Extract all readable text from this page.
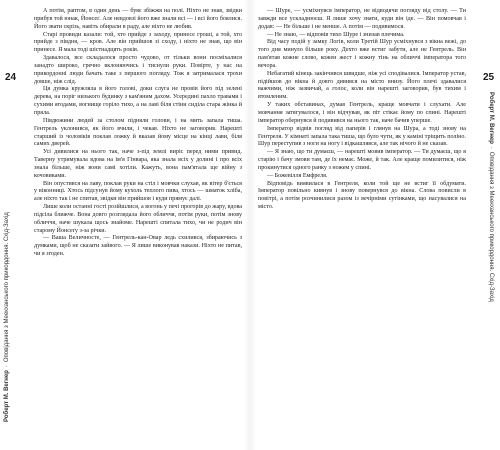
24
Роберт М. Вегнер·Оповідання з Меекханського прикордоння. Схід-Захід

А потім, раптом, в один день — буяє збіжжя на полі. Ніхто не знав, звідки прибув той юнак, Йонсеґ. Але невдовзі його вже знали всі — і всі його боялися. Його звати скрізь, навіть обирали в раду, але ніхто не любив.

Старі провиди казали: той, хто прийде з заходу, принесе гроші, а той, хто прийде з півдня, — кров. Але він прийшов зі сходу, і ніхто не знав, що він принесе. Я мала тоді шістнадцять років.

Здавалося, все складалося просто чудово, от тільки вони посміхалися занадто широко, гречно вклоняючись і тиснули руки. Повірте, у нас на прикордонні люди бачать таке з першого погляду. Тож я затрималася трохи довше, ніж слід.

Ця думка кружляла в його голові, доки слуга не провів його під зелені дерева, на поріг низького будинку з кам'яним дахом. Усередині пахло травами і сухими ягодами, вогнище горіло тихо, а на лаві біля стіни сиділа стара жінка й пряла.

Півдюжини людей за столом підняли голови, і на мить запала тиша. Гентрель уклонився, як його вчили, і чекав. Ніхто не заговорив. Нарешті старший із чоловіків поклав ложку й вказав йому місце на кінці лави, біля самих дверей.

Усі дивилися на нього так, наче з-під землі виріс перед ними привид. Таверну утримувала вдова на ім'я Гінвара, яка знала всіх у долині і про всіх знала більше, ніж вони самі хотіли. Кажуть, вона пам'ятала ще війну з кочовиками.

Він опустився на лаву, поклав руки на стіл і мовчки слухав, як вітер б'ється у віконниці. Хтось підсунув йому кухоль теплого пива, хтось — шматок хліба, але ніхто так і не спитав, звідки він прийшов і куди прямує далі.

Лише коли останні гості розійшлися, а вогонь у печі прогорів до жару, вдова підсіла ближче. Вона довго розглядала його обличчя, потім руки, потім знову обличчя, наче шукала щось знайоме. Нарешті спитала тихо, чи не родич він старому Йонсеґу з-за річки.

— Ваша Величносте, — Гентрель-кан-Овар ледь схилився, збираючись з думками, щоб не сказати зайвого. — Я лише виконував накази. Ніхто не питав, чи я згоден.

25
Роберт М. Вегнер·Оповідання з Меекханського прикордоння. Схід-Захід

— Шуре, — усміхнувся імператор, не відводячи погляду від столу. — Ти завжди все ускладнюєш. Я лише хочу знати, куди він іде. — Він помовчав і додав: — Не більше і не менше. А потім — подивимося.

— Не знаю, — відповів тихо Шуре і знизав плечима.

Від часу подій у замку Логів, коли Третій Шур усміхнувся з вікна вежі, до того дня минуло більше року. Дехто вже встиг забути, але не Гентрель. Він пам'ятав кожне слово, кожен жест і кожну тінь на обличчі імператора того вечора.

Небагатий кінець закінчився швидше, ніж усі сподівалися. Імператор устав, підійшов до вікна й довго дивився на місто внизу. Його плечі здавалися важчими, ніж зазвичай, а голос, коли він нарешті заговорив, був тихим і втомленим.

У таких обставинах, думав Гентрель, краще мовчати і слухати. Але мовчання затягувалося, і він відчував, як піт стікає йому по спині. Нарешті імператор обернувся й подивився на нього так, наче бачив уперше.

Імператор відвів погляд від паперів і глянув на Шура, а тоді знову на Гентреля. У кімнаті запала така тиша, що було чути, як у каміні тріщить поліно. Шур переступив з ноги на ногу і відкашлявся, але так нічого й не сказав.

— Я знаю, що ти думаєш, — нарешті мовив імператор. — Ти думаєш, що я старію і бачу змови там, де їх немає. Може, й так. Але краще помилитися, ніж прокинутися одного ранку з ножем у спині.

— Божевілля Емфреля.

Відповідь виявилася в Гентреля, коли той ще не встиг її обдумати. Імператор повільно кивнув і знову повернувся до вікна. Слова повисли в повітрі, а потім розчинилися разом із вечірніми сутінками, що насувалися на місто.
